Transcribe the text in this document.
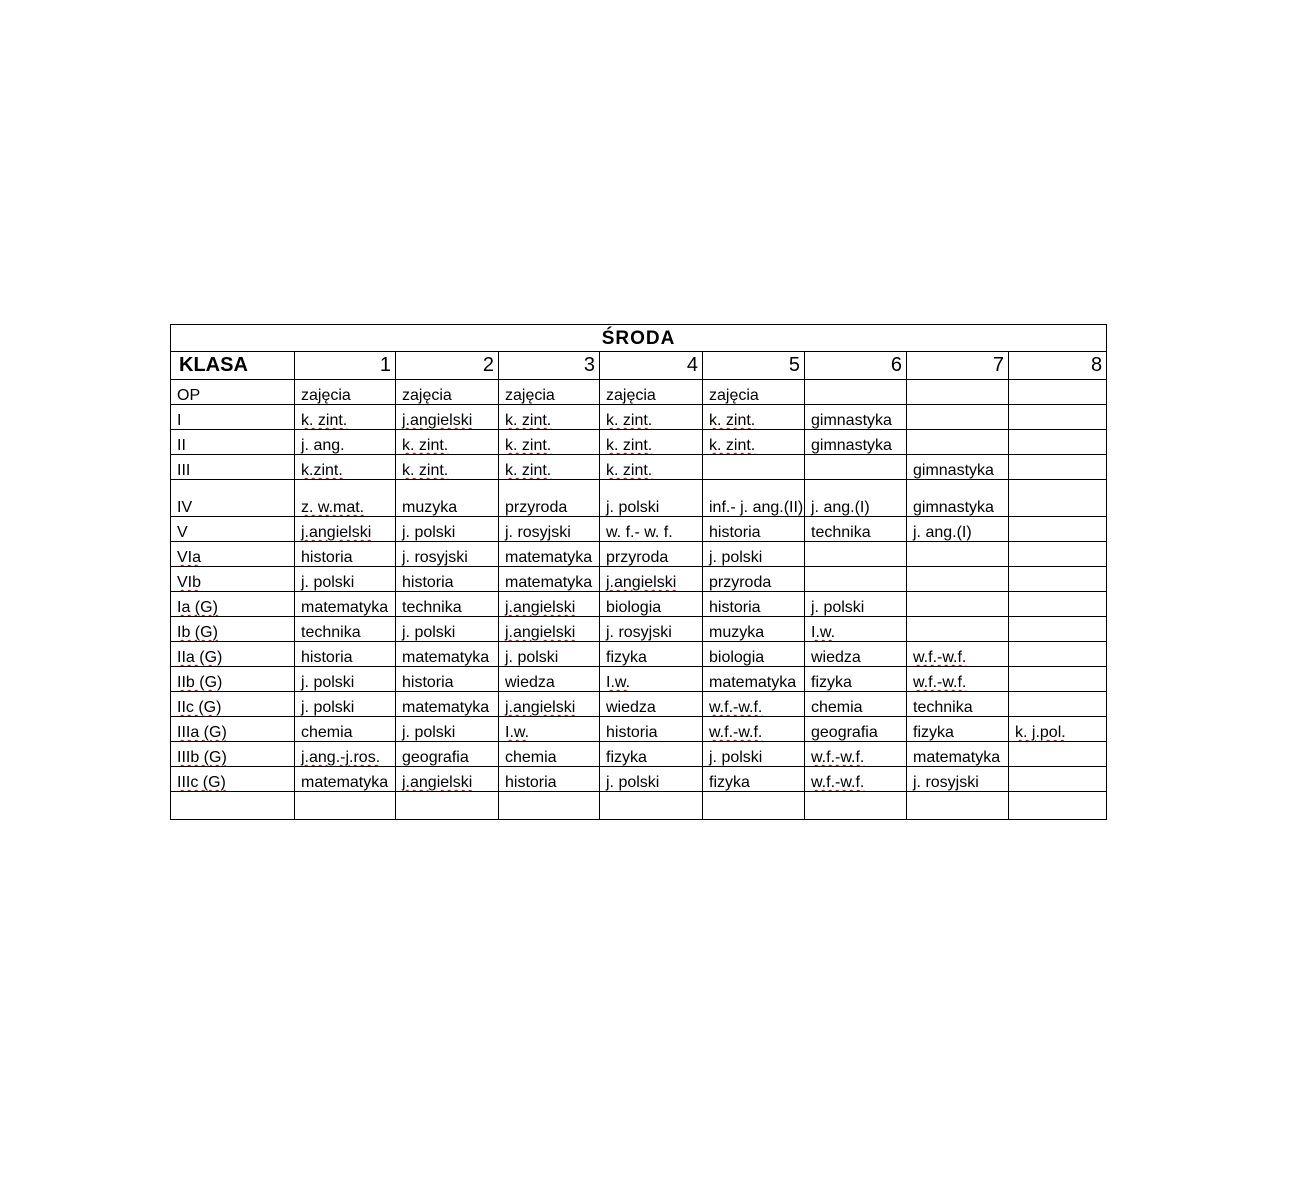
ŚRODA								
KLASA	1	2	3	4	5	6	7	8
OP	zajęcia	zajęcia	zajęcia	zajęcia	zajęcia			
I	k. zint.	j.angielski	k. zint.	k. zint.	k. zint.	gimnastyka		
II	j. ang.	k. zint.	k. zint.	k. zint.	k. zint.	gimnastyka		
III	k.zint.	k. zint.	k. zint.	k. zint.			gimnastyka	
IV	z. w.mat.	muzyka	przyroda	j. polski	inf.- j. ang.(II)	j. ang.(I)	gimnastyka	
V	j.angielski	j. polski	j. rosyjski	w. f.- w. f.	historia	technika	j. ang.(I)	
VIa	historia	j. rosyjski	matematyka	przyroda	j. polski			
VIb	j. polski	historia	matematyka	j.angielski	przyroda			
Ia (G)	matematyka	technika	j.angielski	biologia	historia	j. polski		
Ib (G)	technika	j. polski	j.angielski	j. rosyjski	muzyka	I.w.		
IIa (G)	historia	matematyka	j. polski	fizyka	biologia	wiedza	w.f.-w.f.	
IIb (G)	j. polski	historia	wiedza	I.w.	matematyka	fizyka	w.f.-w.f.	
IIc (G)	j. polski	matematyka	j.angielski	wiedza	w.f.-w.f.	chemia	technika	
IIIa (G)	chemia	j. polski	I.w.	historia	w.f.-w.f.	geografia	fizyka	k. j.pol.
IIIb (G)	j.ang.-j.ros.	geografia	chemia	fizyka	j. polski	w.f.-w.f.	matematyka	
IIIc (G)	matematyka	j.angielski	historia	j. polski	fizyka	w.f.-w.f.	j. rosyjski	
